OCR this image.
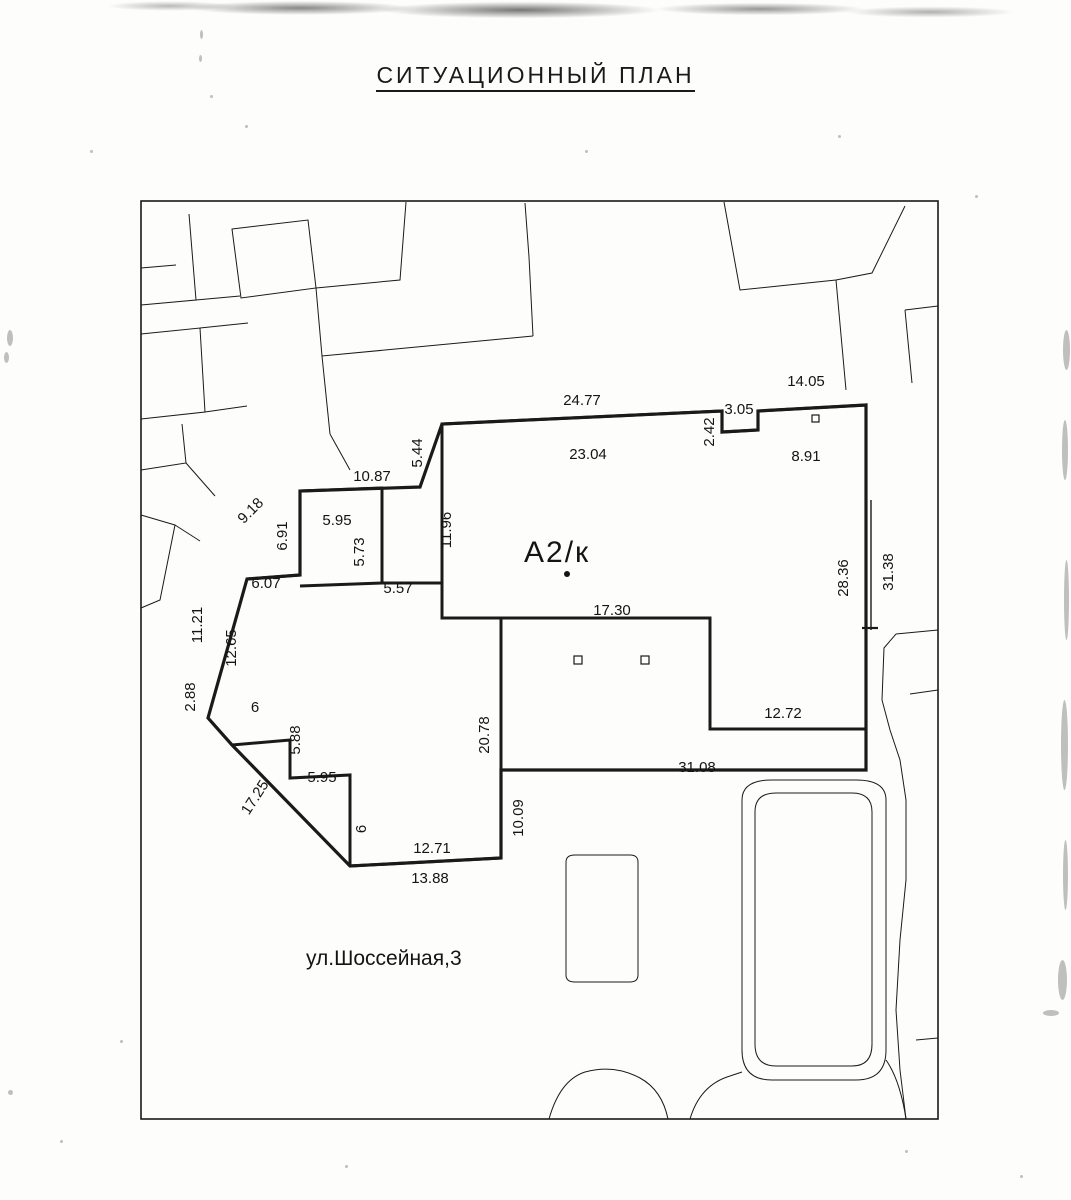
СИТУАЦИОННЫЙ ПЛАН
A2/к
ул.Шоссейная,3
24.77
14.05
3.05
2.42
23.04	8.91
5.44
10.87
9.18
6.91
5.95	11.96
5.73
6.07	5.57	28.36 31.38
17.30
11.21
12.65
2.88	6	12.72
5.88	20.78
31.08
5.95
17.25
6	10.09
12.71
13.88
